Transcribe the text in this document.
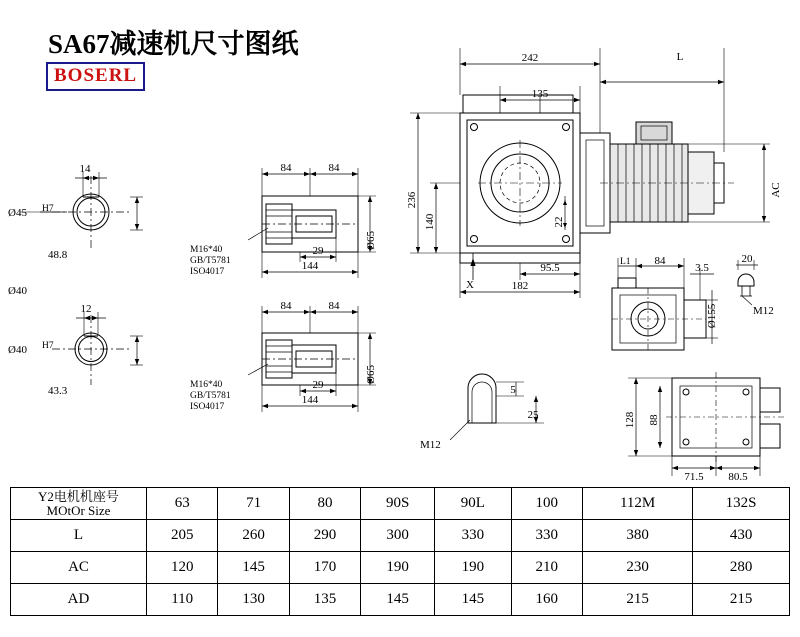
SA67减速机尺寸图纸
BOSERL
14
Ø45 H7
48.8
Ø40
12
Ø40 H7
43.3
84	84
29
144
Ø65
M16*40
GB/T5781
ISO4017
84	84
29
144
Ø65
M16*40
GB/T5781
ISO4017
242
135
L
236
140
AC
22
95.5
182
X
L1 84
3.5
Ø155
20
M12
128 88
71.5 80.5
5
25
M12
Y2电机机座号
MOtOr Size	63	71	80	90S	90L	100	112M	132S
L	205	260	290	300	330	330	380	430
AC	120	145	170	190	190	210	230	280
AD	110	130	135	145	145	160	215	215
